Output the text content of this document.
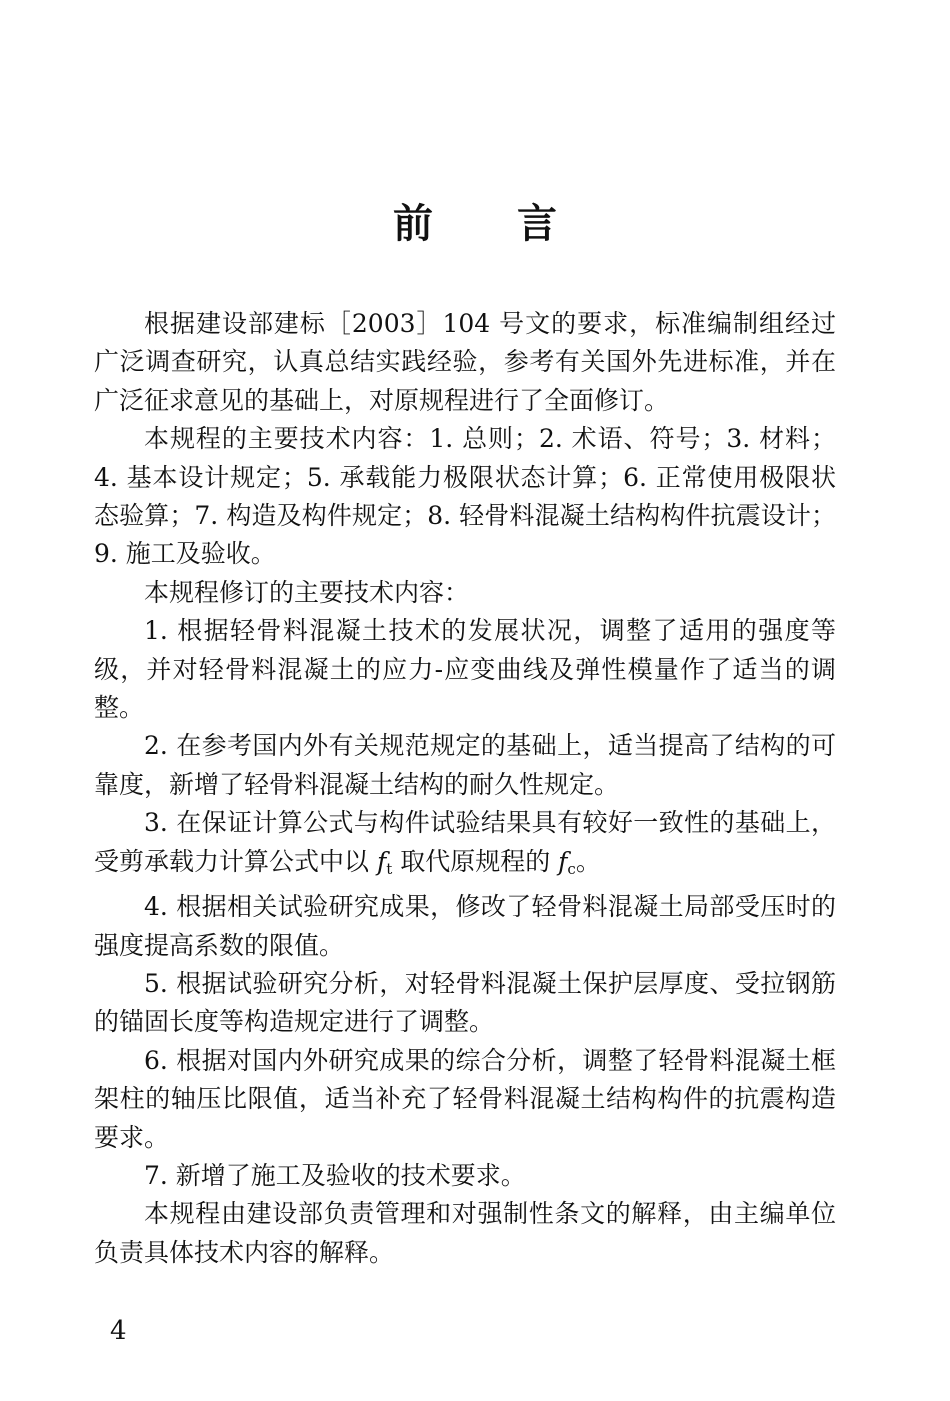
前 言

根据建设部建标［2003］104 号文的要求，标准编制组经过广泛调查研究，认真总结实践经验，参考有关国外先进标准，并在广泛征求意见的基础上，对原规程进行了全面修订。

本规程的主要技术内容：1. 总则；2. 术语、符号；3. 材料；4. 基本设计规定；5. 承载能力极限状态计算；6. 正常使用极限状态验算；7. 构造及构件规定；8. 轻骨料混凝土结构构件抗震设计；9. 施工及验收。

本规程修订的主要技术内容：

1. 根据轻骨料混凝土技术的发展状况，调整了适用的强度等级，并对轻骨料混凝土的应力-应变曲线及弹性模量作了适当的调整。

2. 在参考国内外有关规范规定的基础上，适当提高了结构的可靠度，新增了轻骨料混凝土结构的耐久性规定。

3. 在保证计算公式与构件试验结果具有较好一致性的基础上，受剪承载力计算公式中以 $f_t$ 取代原规程的 $f_c$。

4. 根据相关试验研究成果，修改了轻骨料混凝土局部受压时的强度提高系数的限值。

5. 根据试验研究分析，对轻骨料混凝土保护层厚度、受拉钢筋的锚固长度等构造规定进行了调整。

6. 根据对国内外研究成果的综合分析，调整了轻骨料混凝土框架柱的轴压比限值，适当补充了轻骨料混凝土结构构件的抗震构造要求。

7. 新增了施工及验收的技术要求。

本规程由建设部负责管理和对强制性条文的解释，由主编单位负责具体技术内容的解释。

4
